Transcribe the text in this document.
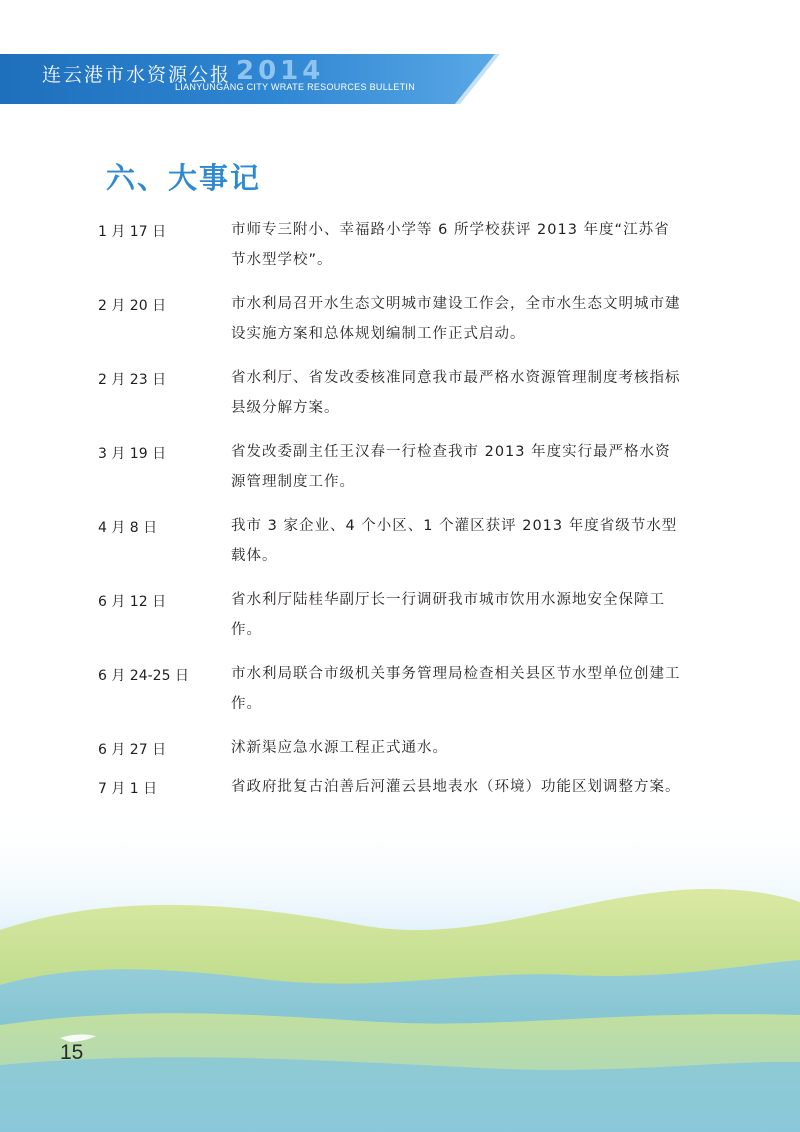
连云港市水资源公报 2014
LIANYUNGANG CITY WRATE RESOURCES BULLETIN
六、大事记
1 月 17 日	市师专三附小、幸福路小学等 6 所学校获评 2013 年度“江苏省节水型学校”。
2 月 20 日	市水利局召开水生态文明城市建设工作会，全市水生态文明城市建设实施方案和总体规划编制工作正式启动。
2 月 23 日	省水利厅、省发改委核准同意我市最严格水资源管理制度考核指标县级分解方案。
3 月 19 日	省发改委副主任王汉春一行检查我市 2013 年度实行最严格水资源管理制度工作。
4 月 8 日	我市 3 家企业、4 个小区、1 个灌区获评 2013 年度省级节水型载体。
6 月 12 日	省水利厅陆桂华副厅长一行调研我市城市饮用水源地安全保障工作。
6 月 24-25 日	市水利局联合市级机关事务管理局检查相关县区节水型单位创建工作。
6 月 27 日	沭新渠应急水源工程正式通水。
7 月 1 日	省政府批复古泊善后河灌云县地表水（环境）功能区划调整方案。
15
